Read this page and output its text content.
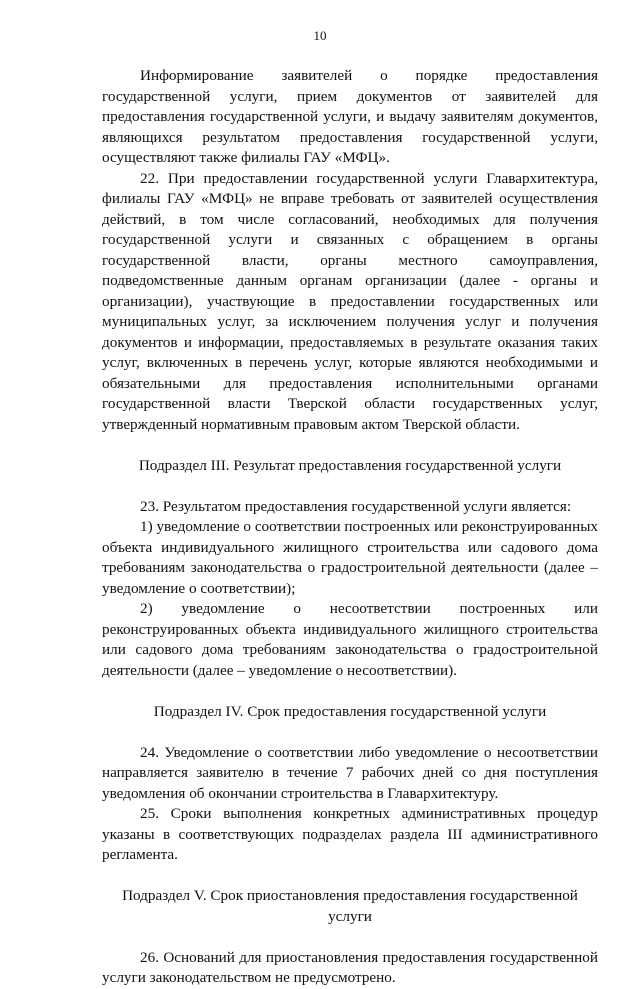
10

Информирование заявителей о порядке предоставления государственной услуги, прием документов от заявителей для предоставления государственной услуги, и выдачу заявителям документов, являющихся результатом предоставления государственной услуги, осуществляют также филиалы ГАУ «МФЦ».

22. При предоставлении государственной услуги Главархитектура, филиалы ГАУ «МФЦ» не вправе требовать от заявителей осуществления действий, в том числе согласований, необходимых для получения государственной услуги и связанных с обращением в органы государственной власти, органы местного самоуправления, подведомственные данным органам организации (далее - органы и организации), участвующие в предоставлении государственных или муниципальных услуг, за исключением получения услуг и получения документов и информации, предоставляемых в результате оказания таких услуг, включенных в перечень услуг, которые являются необходимыми и обязательными для предоставления исполнительными органами государственной власти Тверской области государственных услуг, утвержденный нормативным правовым актом Тверской области.

Подраздел III. Результат предоставления государственной услуги

23. Результатом предоставления государственной услуги является:

1) уведомление о соответствии построенных или реконструированных объекта индивидуального жилищного строительства или садового дома требованиям законодательства о градостроительной деятельности (далее – уведомление о соответствии);

2) уведомление о несоответствии построенных или реконструированных объекта индивидуального жилищного строительства или садового дома требованиям законодательства о градостроительной деятельности (далее – уведомление о несоответствии).

Подраздел IV. Срок предоставления государственной услуги

24. Уведомление о соответствии либо уведомление о несоответствии направляется заявителю в течение 7 рабочих дней со дня поступления уведомления об окончании строительства в Главархитектуру.

25. Сроки выполнения конкретных административных процедур указаны в соответствующих подразделах раздела III административного регламента.

Подраздел V. Срок приостановления предоставления государственной услуги

26. Оснований для приостановления предоставления государственной услуги законодательством не предусмотрено.
